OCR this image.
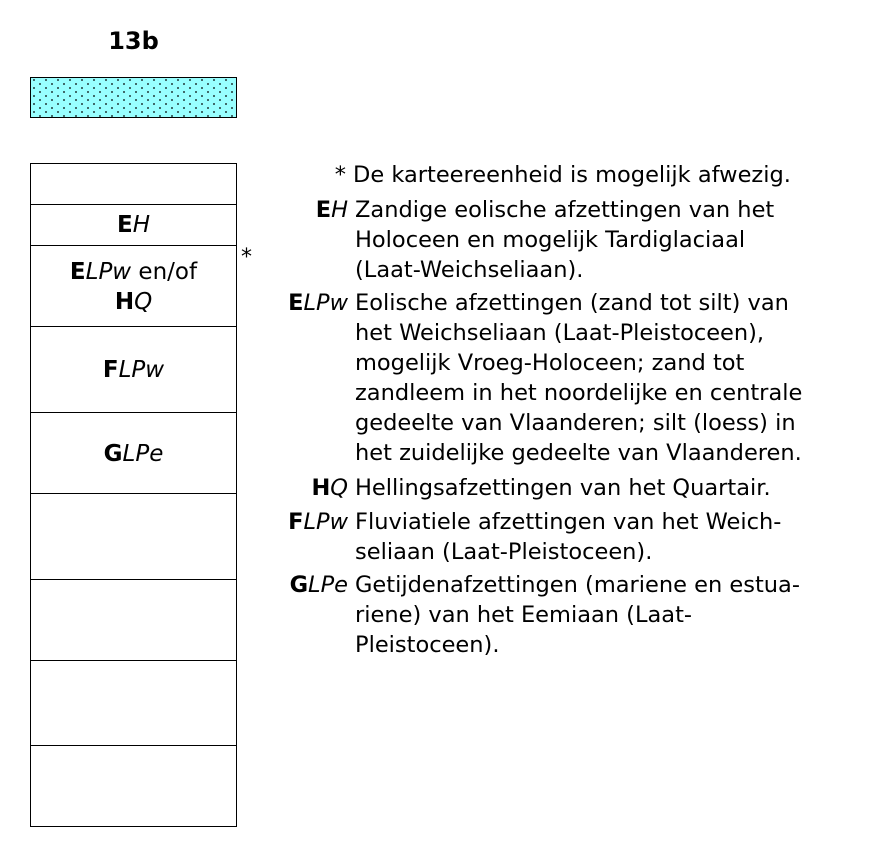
13b
EH
ELPw en/of
HQ
FLPw
GLPe
*
* De karteereenheid is mogelijk afwezig.
EH Zandige eolische afzettingen van het
Holoceen en mogelijk Tardiglaciaal
(Laat-Weichseliaan).
ELPw Eolische afzettingen (zand tot silt) van
het Weichseliaan (Laat-Pleistoceen),
mogelijk Vroeg-Holoceen; zand tot
zandleem in het noordelijke en centrale
gedeelte van Vlaanderen; silt (loess) in
het zuidelijke gedeelte van Vlaanderen.
HQ Hellingsafzettingen van het Quartair.
FLPw Fluviatiele afzettingen van het Weich-
seliaan (Laat-Pleistoceen).
GLPe Getijdenafzettingen (mariene en estua-
riene) van het Eemiaan (Laat-
Pleistoceen).
